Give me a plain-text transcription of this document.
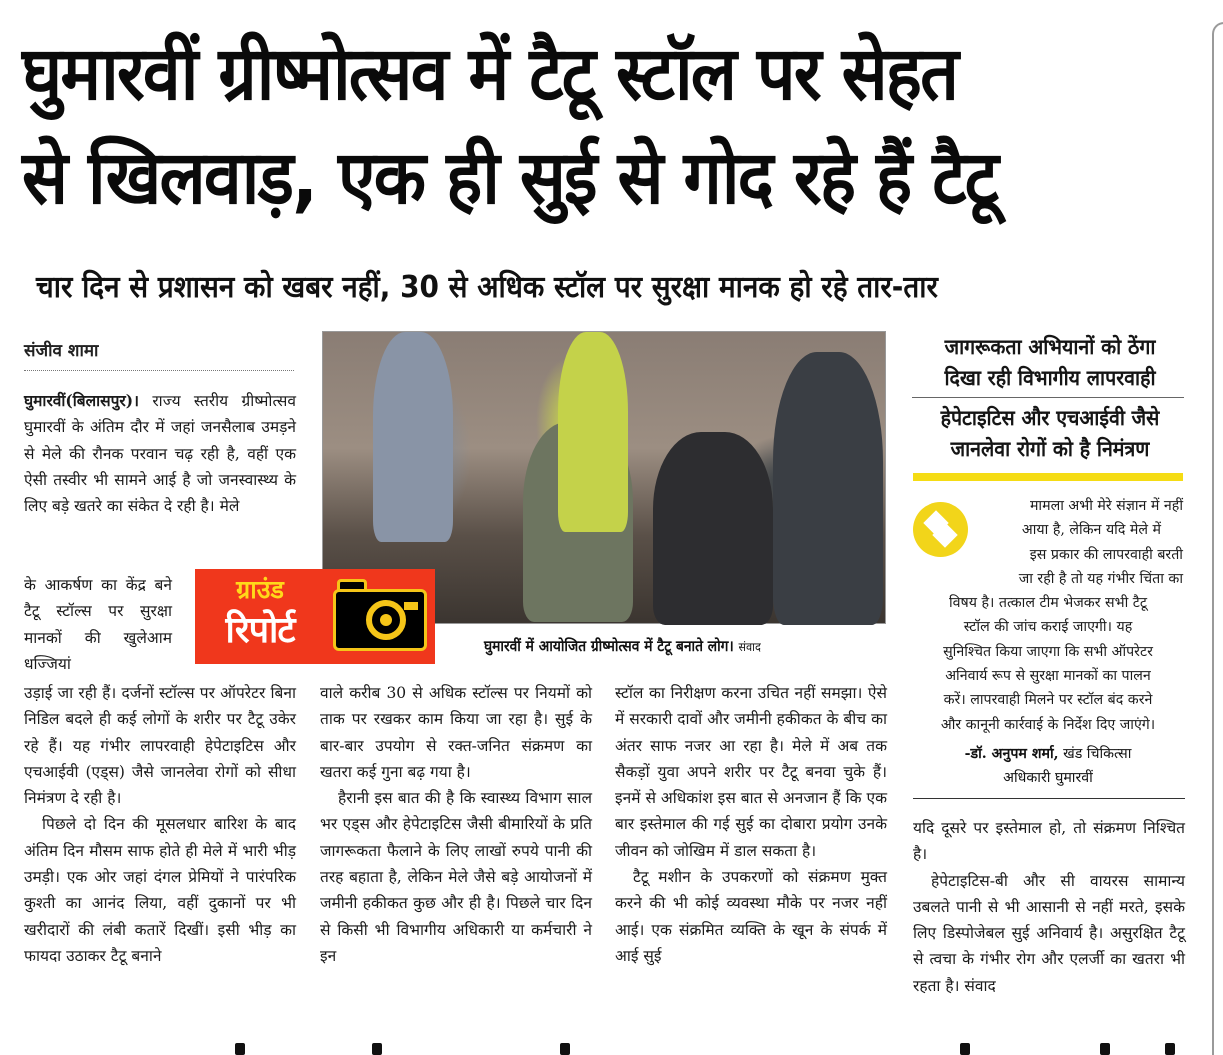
घुमारवीं ग्रीष्मोत्सव में टैटू स्टॉल पर सेहत
से खिलवाड़, एक ही सुई से गोद रहे हैं टैटू
चार दिन से प्रशासन को खबर नहीं, 30 से अधिक स्टॉल पर सुरक्षा मानक हो रहे तार-तार
संजीव शामा

घुमारवीं(बिलासपुर)। राज्य स्तरीय ग्रीष्मोत्सव घुमारवीं के अंतिम दौर में जहां जनसैलाब उमड़ने से मेले की रौनक परवान चढ़ रही है, वहीं एक ऐसी तस्वीर भी सामने आई है जो जनस्वास्थ्य के लिए बड़े खतरे का संकेत दे रही है। मेले

के आकर्षण का केंद्र बने टैटू स्टॉल्स पर सुरक्षा मानकों की खुलेआम धज्जियां

ग्राउंड
रिपोर्ट	घुमारवीं में आयोजित ग्रीष्मोत्सव में टैटू बनाते लोग। संवाद
जागरूकता अभियानों को ठेंगा
दिखा रही विभागीय लापरवाही
हेपेटाइटिस और एचआईवी जैसे
जानलेवा रोगों को है निमंत्रण
मामला अभी मेरे संज्ञान में नहीं
आया है, लेकिन यदि मेले में
इस प्रकार की लापरवाही बरती
जा रही है तो यह गंभीर चिंता का
विषय है। तत्काल टीम भेजकर सभी टैटू
स्टॉल की जांच कराई जाएगी। यह
सुनिश्चित किया जाएगा कि सभी ऑपरेटर
अनिवार्य रूप से सुरक्षा मानकों का पालन
करें। लापरवाही मिलने पर स्टॉल बंद करने
और कानूनी कार्रवाई के निर्देश दिए जाएंगे।
-डॉ. अनुपम शर्मा, खंड चिकित्सा
अधिकारी घुमारवीं

उड़ाई जा रही हैं। दर्जनों स्टॉल्स पर ऑपरेटर बिना निडिल बदले ही कई लोगों के शरीर पर टैटू उकेर रहे हैं। यह गंभीर लापरवाही हेपेटाइटिस और एचआईवी (एड्स) जैसे जानलेवा रोगों को सीधा निमंत्रण दे रही है।

पिछले दो दिन की मूसलधार बारिश के बाद अंतिम दिन मौसम साफ होते ही मेले में भारी भीड़ उमड़ी। एक ओर जहां दंगल प्रेमियों ने पारंपरिक कुश्ती का आनंद लिया, वहीं दुकानों पर भी खरीदारों की लंबी कतारें दिखीं। इसी भीड़ का फायदा उठाकर टैटू बनाने

वाले करीब 30 से अधिक स्टॉल्स पर नियमों को ताक पर रखकर काम किया जा रहा है। सुई के बार-बार उपयोग से रक्त-जनित संक्रमण का खतरा कई गुना बढ़ गया है।

हैरानी इस बात की है कि स्वास्थ्य विभाग साल भर एड्स और हेपेटाइटिस जैसी बीमारियों के प्रति जागरूकता फैलाने के लिए लाखों रुपये पानी की तरह बहाता है, लेकिन मेले जैसे बड़े आयोजनों में जमीनी हकीकत कुछ और ही है। पिछले चार दिन से किसी भी विभागीय अधिकारी या कर्मचारी ने इन

स्टॉल का निरीक्षण करना उचित नहीं समझा। ऐसे में सरकारी दावों और जमीनी हकीकत के बीच का अंतर साफ नजर आ रहा है। मेले में अब तक सैकड़ों युवा अपने शरीर पर टैटू बनवा चुके हैं। इनमें से अधिकांश इस बात से अनजान हैं कि एक बार इस्तेमाल की गई सुई का दोबारा प्रयोग उनके जीवन को जोखिम में डाल सकता है।

टैटू मशीन के उपकरणों को संक्रमण मुक्त करने की भी कोई व्यवस्था मौके पर नजर नहीं आई। एक संक्रमित व्यक्ति के खून के संपर्क में आई सुई

यदि दूसरे पर इस्तेमाल हो, तो संक्रमण निश्चित है।

हेपेटाइटिस-बी और सी वायरस सामान्य उबलते पानी से भी आसानी से नहीं मरते, इसके लिए डिस्पोजेबल सुई अनिवार्य है। असुरक्षित टैटू से त्वचा के गंभीर रोग और एलर्जी का खतरा भी रहता है। संवाद
